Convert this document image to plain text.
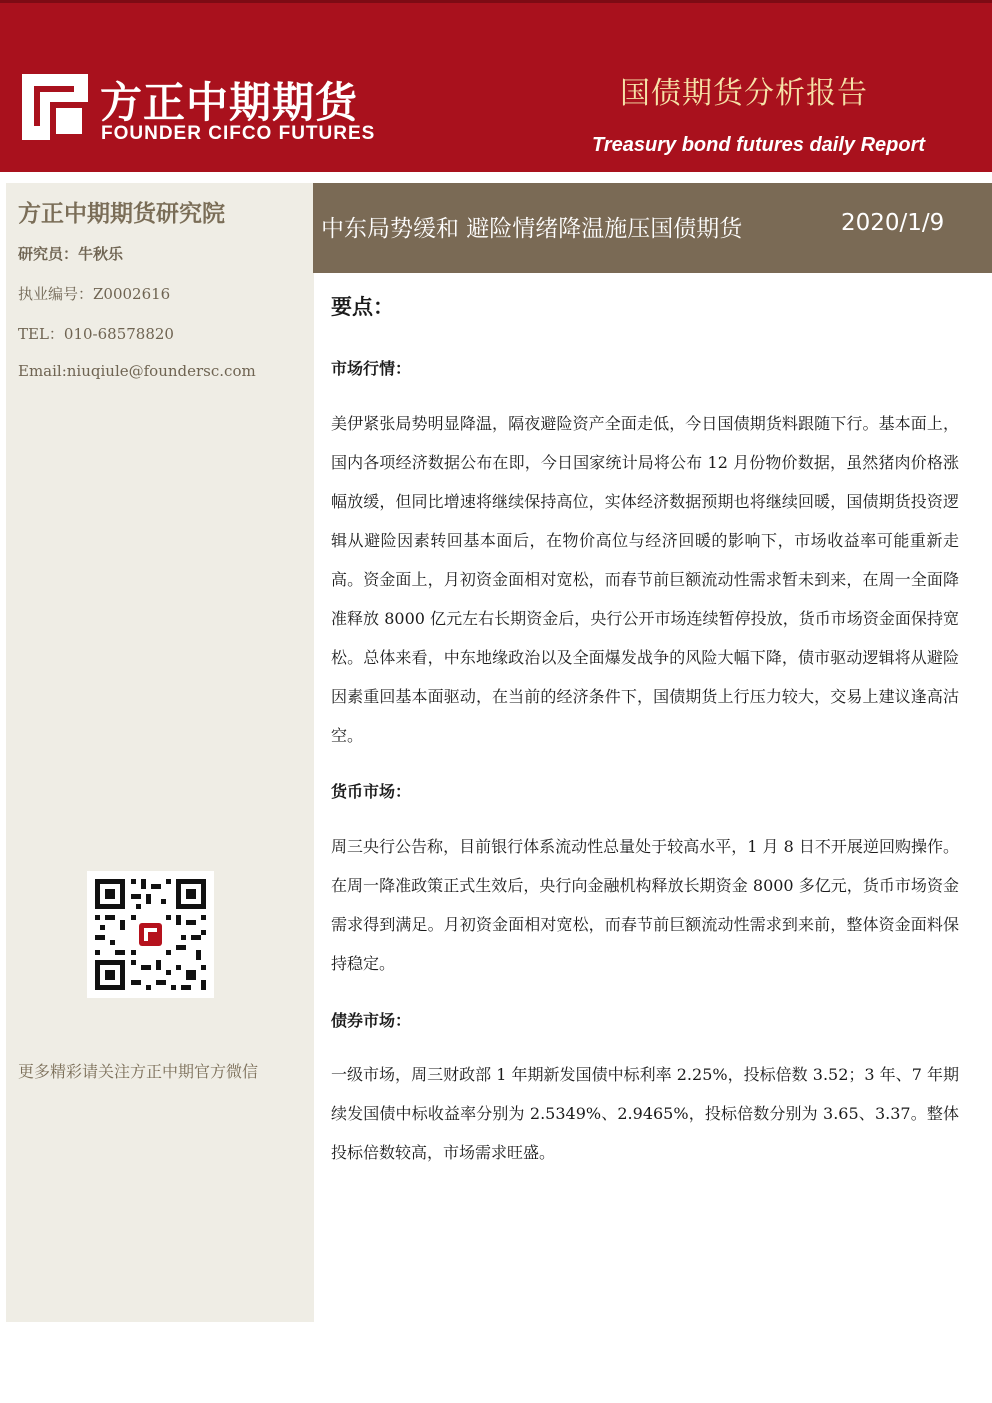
方正中期期货
FOUNDER CIFCO FUTURES
国债期货分析报告
Treasury bond futures daily Report
方正中期期货研究院
研究员：牛秋乐
执业编号：Z0002616
TEL：010-68578820
Email:niuqiule@foundersc.com
更多精彩请关注方正中期官方微信
中东局势缓和 避险情绪降温施压国债期货	2020/1/9
要点：
市场行情：
美伊紧张局势明显降温，隔夜避险资产全面走低，今日国债期货料跟随下行。基本面上，国内各项经济数据公布在即，今日国家统计局将公布 12 月份物价数据，虽然猪肉价格涨幅放缓，但同比增速将继续保持高位，实体经济数据预期也将继续回暖，国债期货投资逻辑从避险因素转回基本面后，在物价高位与经济回暖的影响下，市场收益率可能重新走高。资金面上，月初资金面相对宽松，而春节前巨额流动性需求暂未到来，在周一全面降准释放 8000 亿元左右长期资金后，央行公开市场连续暂停投放，货币市场资金面保持宽松。总体来看，中东地缘政治以及全面爆发战争的风险大幅下降，债市驱动逻辑将从避险因素重回基本面驱动，在当前的经济条件下，国债期货上行压力较大，交易上建议逢高沽空。
货币市场：
周三央行公告称，目前银行体系流动性总量处于较高水平，1 月 8 日不开展逆回购操作。在周一降准政策正式生效后，央行向金融机构释放长期资金 8000 多亿元，货币市场资金需求得到满足。月初资金面相对宽松，而春节前巨额流动性需求到来前，整体资金面料保持稳定。
债券市场：
一级市场，周三财政部 1 年期新发国债中标利率 2.25%，投标倍数 3.52；3 年、7 年期续发国债中标收益率分别为 2.5349%、2.9465%，投标倍数分别为 3.65、3.37。整体投标倍数较高，市场需求旺盛。
